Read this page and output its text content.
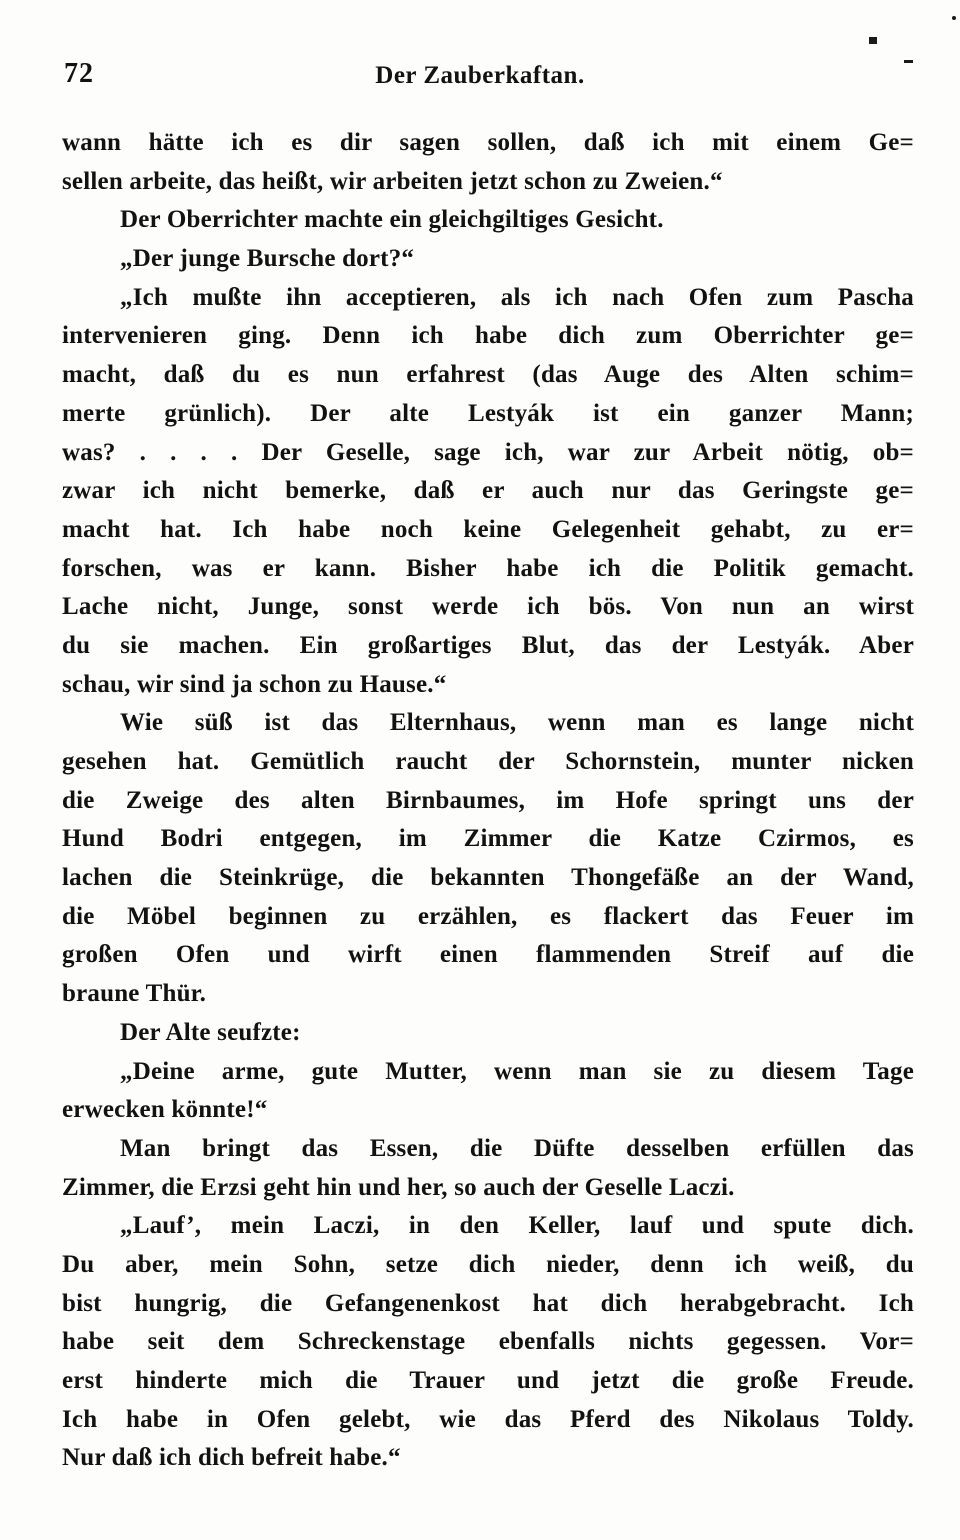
72	Der Zauberkaftan.
wann hätte ich es dir sagen sollen, daß ich mit einem Ge=
sellen arbeite, das heißt, wir arbeiten jetzt schon zu Zweien.“
Der Oberrichter machte ein gleichgiltiges Gesicht.
„Der junge Bursche dort?“
„Ich mußte ihn acceptieren, als ich nach Ofen zum Pascha
intervenieren ging. Denn ich habe dich zum Oberrichter ge=
macht, daß du es nun erfahrest (das Auge des Alten schim=
merte grünlich). Der alte Lestyák ist ein ganzer Mann;
was? . . . . Der Geselle, sage ich, war zur Arbeit nötig, ob=
zwar ich nicht bemerke, daß er auch nur das Geringste ge=
macht hat. Ich habe noch keine Gelegenheit gehabt, zu er=
forschen, was er kann. Bisher habe ich die Politik gemacht.
Lache nicht, Junge, sonst werde ich bös. Von nun an wirst
du sie machen. Ein großartiges Blut, das der Lestyák. Aber
schau, wir sind ja schon zu Hause.“
Wie süß ist das Elternhaus, wenn man es lange nicht
gesehen hat. Gemütlich raucht der Schornstein, munter nicken
die Zweige des alten Birnbaumes, im Hofe springt uns der
Hund Bodri entgegen, im Zimmer die Katze Czirmos, es
lachen die Steinkrüge, die bekannten Thongefäße an der Wand,
die Möbel beginnen zu erzählen, es flackert das Feuer im
großen Ofen und wirft einen flammenden Streif auf die
braune Thür.
Der Alte seufzte:
„Deine arme, gute Mutter, wenn man sie zu diesem Tage
erwecken könnte!“
Man bringt das Essen, die Düfte desselben erfüllen das
Zimmer, die Erzsi geht hin und her, so auch der Geselle Laczi.
„Lauf’, mein Laczi, in den Keller, lauf und spute dich.
Du aber, mein Sohn, setze dich nieder, denn ich weiß, du
bist hungrig, die Gefangenenkost hat dich herabgebracht. Ich
habe seit dem Schreckenstage ebenfalls nichts gegessen. Vor=
erst hinderte mich die Trauer und jetzt die große Freude.
Ich habe in Ofen gelebt, wie das Pferd des Nikolaus Toldy.
Nur daß ich dich befreit habe.“
